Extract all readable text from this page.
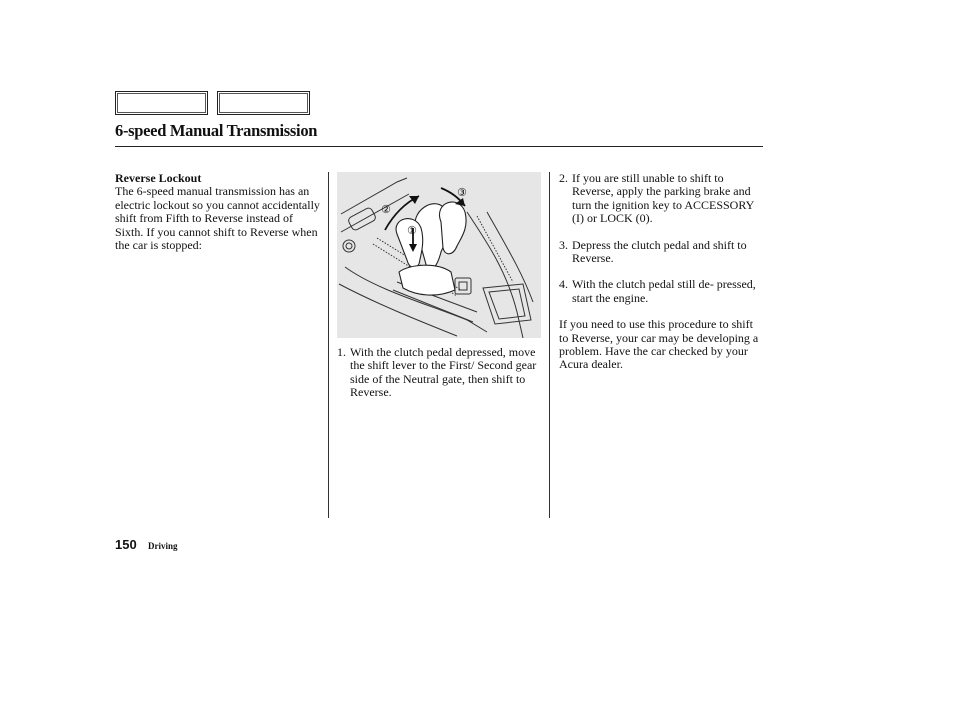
6-speed Manual Transmission
Reverse Lockout
The 6-speed manual transmission has an electric lockout so you cannot accidentally shift from Fifth to Reverse instead of Sixth. If you cannot shift to Reverse when the car is stopped:
①
②
③

1. With the clutch pedal depressed, move the shift lever to the First/ Second gear side of the Neutral gate, then shift to Reverse.

2. If you are still unable to shift to Reverse, apply the parking brake and turn the ignition key to ACCESSORY (I) or LOCK (0).

3. Depress the clutch pedal and shift to Reverse.

4. With the clutch pedal still de- pressed, start the engine.

If you need to use this procedure to shift to Reverse, your car may be developing a problem. Have the car checked by your Acura dealer.
150 Driving
